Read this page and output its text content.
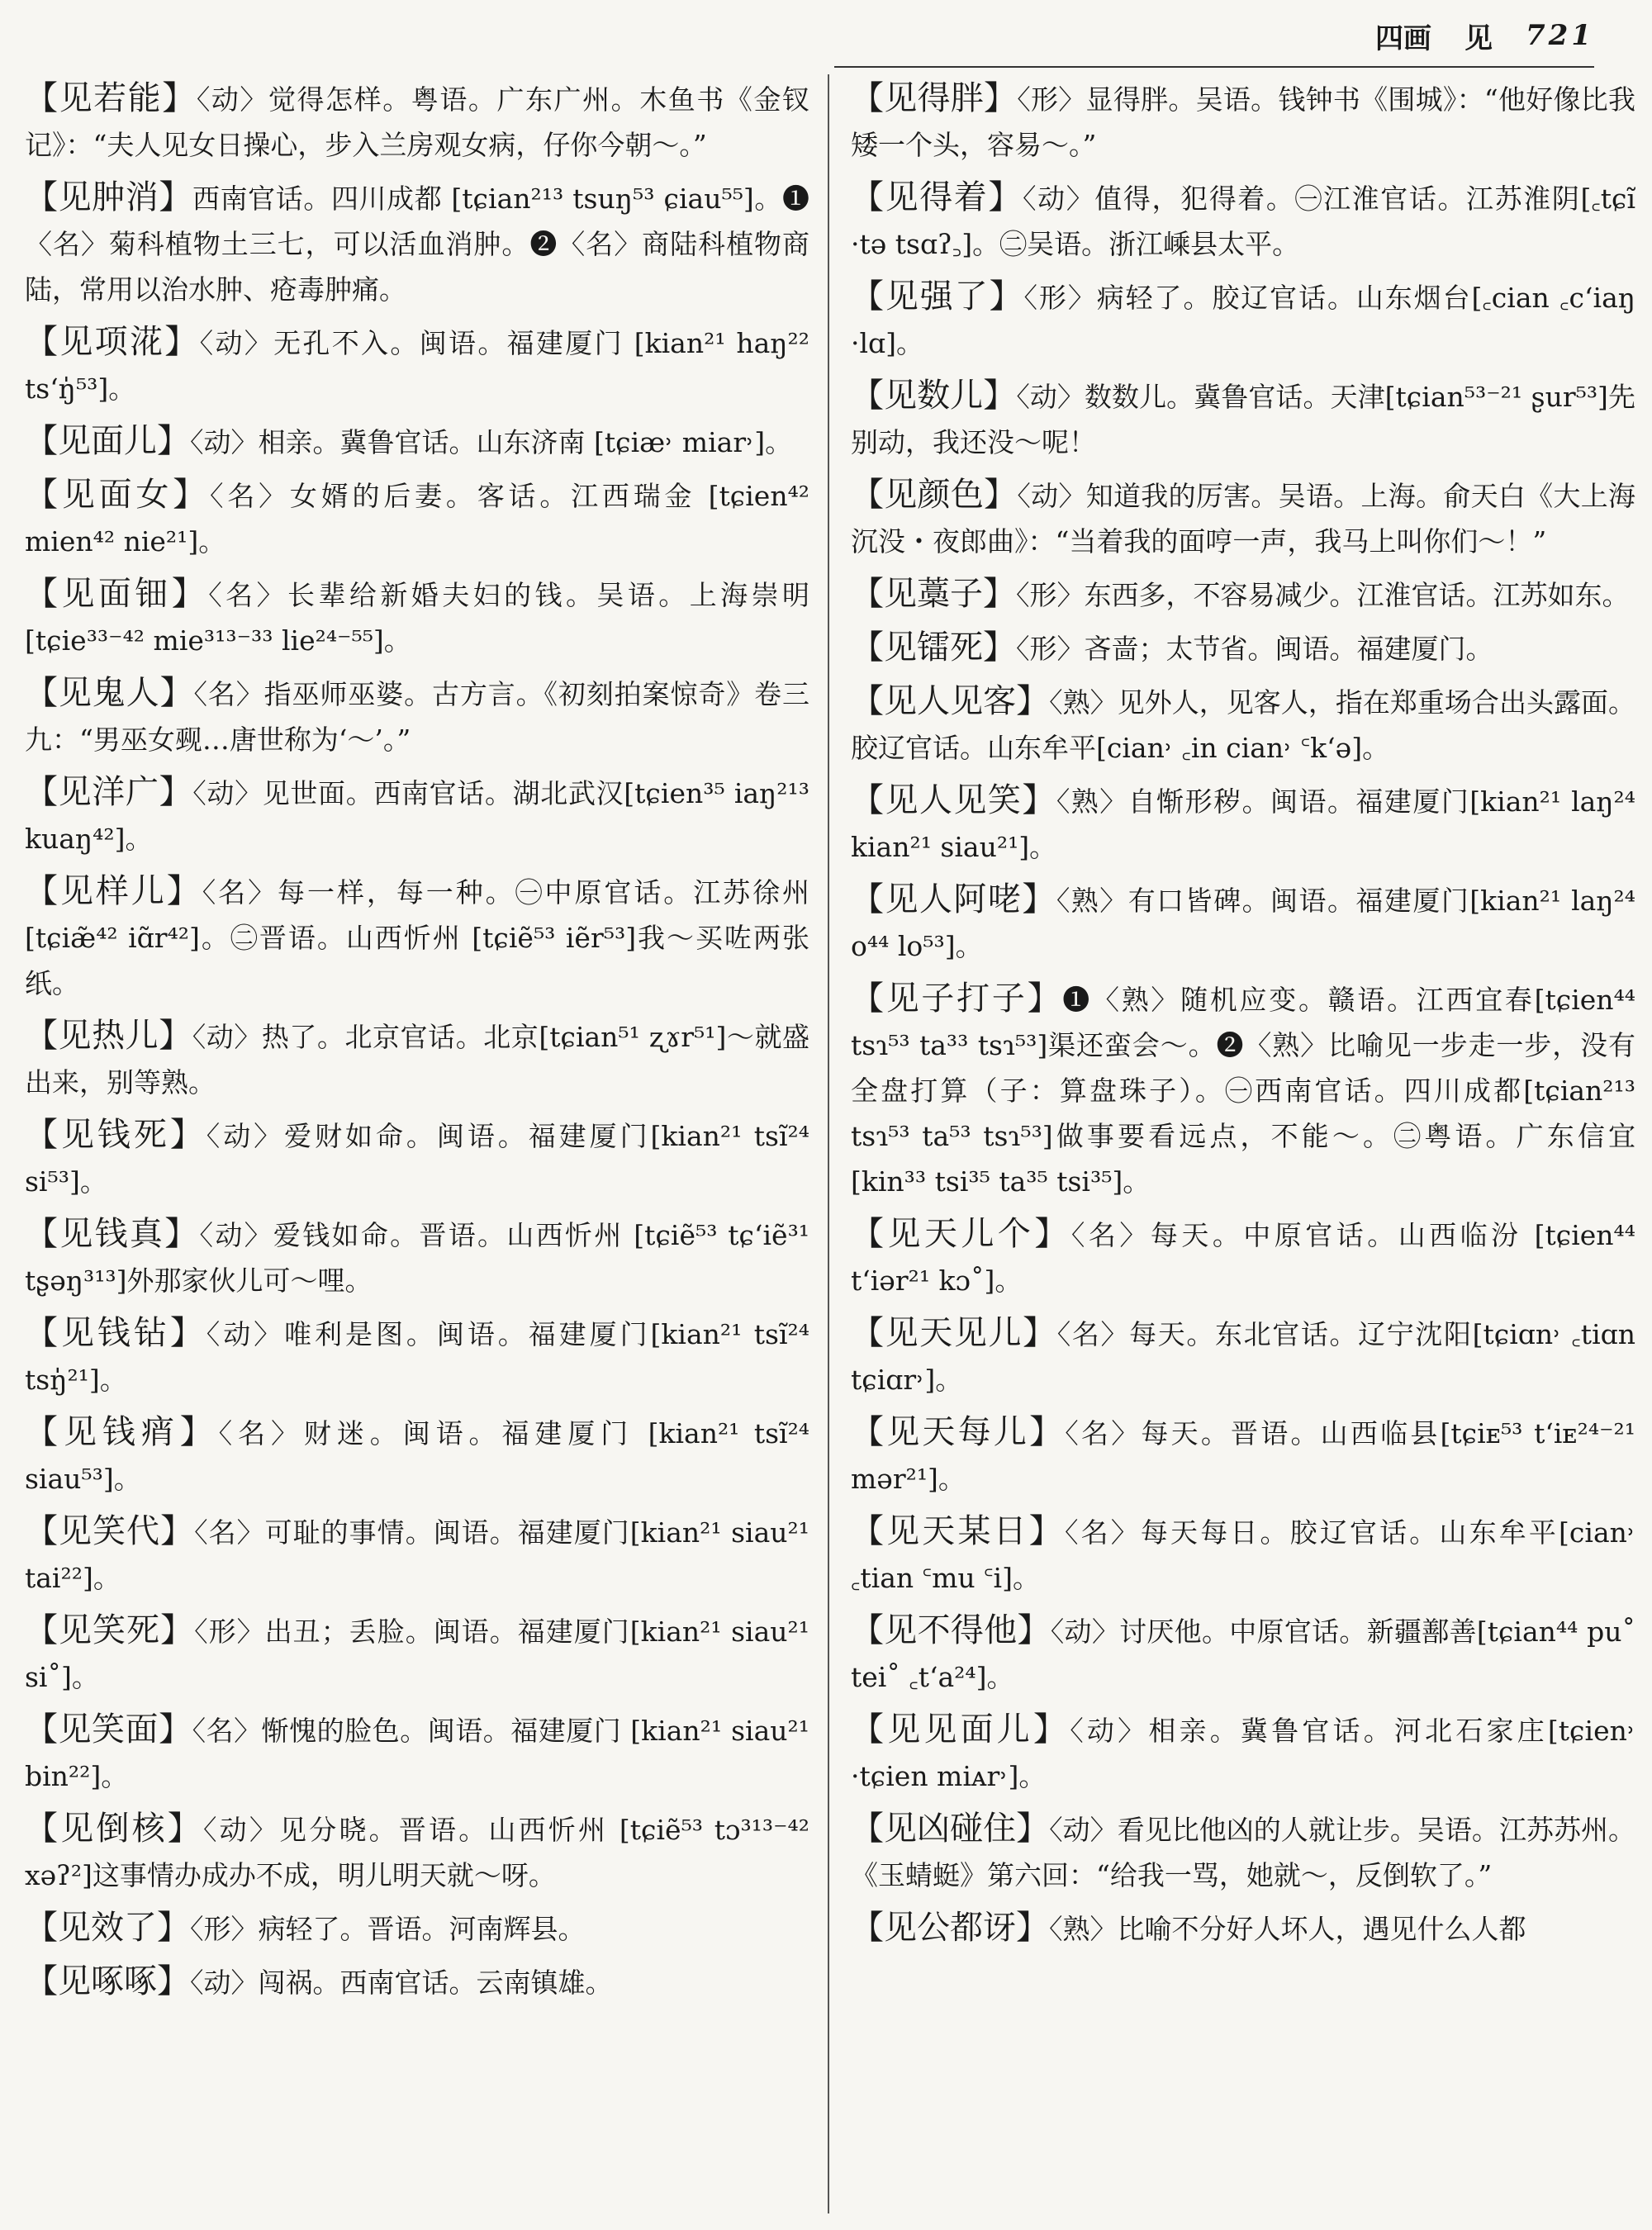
四画 见 721

【见若能】〈动〉觉得怎样。粤语。广东广州。木鱼书《金钗记》：“夫人见女日操心，步入兰房观女病，仔你今朝～。”

【见肿消】西南官话。四川成都 [tɕian²¹³ tsuŋ⁵³ ɕiau⁵⁵]。❶〈名〉菊科植物土三七，可以活血消肿。❷〈名〉商陆科植物商陆，常用以治水肿、疮毒肿痛。

【见项㳸】〈动〉无孔不入。闽语。福建厦门 [kian²¹ haŋ²² tsʻŋ̍⁵³]。

【见面儿】〈动〉相亲。冀鲁官话。山东济南 [tɕiæ˒ miar˒]。

【见面女】〈名〉女婿的后妻。客话。江西瑞金 [tɕien⁴² mien⁴² nie²¹]。

【见面钿】〈名〉长辈给新婚夫妇的钱。吴语。上海崇明[tɕie³³⁻⁴² mie³¹³⁻³³ lie²⁴⁻⁵⁵]。

【见鬼人】〈名〉指巫师巫婆。古方言。《初刻拍案惊奇》卷三九：“男巫女觋…唐世称为‘～’。”

【见洋广】〈动〉见世面。西南官话。湖北武汉[tɕien³⁵ iaŋ²¹³ kuaŋ⁴²]。

【见样儿】〈名〉每一样，每一种。㊀中原官话。江苏徐州[tɕiæ̃⁴² iɑ̃r⁴²]。㊁晋语。山西忻州 [tɕiẽ⁵³ iẽr⁵³]我～买咗两张纸。

【见热儿】〈动〉热了。北京官话。北京[tɕian⁵¹ ʐɤr⁵¹]～就盛出来，别等熟。

【见钱死】〈动〉爱财如命。闽语。福建厦门[kian²¹ tsĩ²⁴ si⁵³]。

【见钱真】〈动〉爱钱如命。晋语。山西忻州 [tɕiẽ⁵³ tɕʻiẽ³¹ tʂəŋ³¹³]外那家伙儿可～哩。

【见钱钻】〈动〉唯利是图。闽语。福建厦门[kian²¹ tsĩ²⁴ tsŋ̍²¹]。

【见钱痟】〈名〉财迷。闽语。福建厦门 [kian²¹ tsĩ²⁴ siau⁵³]。

【见笑代】〈名〉可耻的事情。闽语。福建厦门[kian²¹ siau²¹ tai²²]。

【见笑死】〈形〉出丑；丢脸。闽语。福建厦门[kian²¹ siau²¹ si˚]。

【见笑面】〈名〉惭愧的脸色。闽语。福建厦门 [kian²¹ siau²¹ bin²²]。

【见倒核】〈动〉见分晓。晋语。山西忻州 [tɕiẽ⁵³ tɔ³¹³⁻⁴² xəʔ²]这事情办成办不成，明儿明天就～呀。

【见效了】〈形〉病轻了。晋语。河南辉县。

【见啄啄】〈动〉闯祸。西南官话。云南镇雄。

【见得胖】〈形〉显得胖。吴语。钱钟书《围城》：“他好像比我矮一个头，容易～。”

【见得着】〈动〉值得，犯得着。㊀江淮官话。江苏淮阴[꜀tɕĩ ·tə tsɑʔ꜆]。㊁吴语。浙江嵊县太平。

【见强了】〈形〉病轻了。胶辽官话。山东烟台[꜀cian ꜀cʻiaŋ ·lɑ]。

【见数儿】〈动〉数数儿。冀鲁官话。天津[tɕian⁵³⁻²¹ ʂur⁵³]先别动，我还没～呢！

【见颜色】〈动〉知道我的厉害。吴语。上海。俞天白《大上海沉没・夜郎曲》：“当着我的面哼一声，我马上叫你们～！”

【见藁子】〈形〉东西多，不容易减少。江淮官话。江苏如东。

【见镭死】〈形〉吝啬；太节省。闽语。福建厦门。

【见人见客】〈熟〉见外人，见客人，指在郑重场合出头露面。胶辽官话。山东牟平[cian˒ ꜀in cian˒ ꜂kʻə]。

【见人见笑】〈熟〉自惭形秽。闽语。福建厦门[kian²¹ laŋ²⁴ kian²¹ siau²¹]。

【见人阿咾】〈熟〉有口皆碑。闽语。福建厦门[kian²¹ laŋ²⁴ o⁴⁴ lo⁵³]。

【见子打子】❶〈熟〉随机应变。赣语。江西宜春[tɕien⁴⁴ tsɿ⁵³ ta³³ tsɿ⁵³]渠还蛮会～。❷〈熟〉比喻见一步走一步，没有全盘打算（子：算盘珠子）。㊀西南官话。四川成都[tɕian²¹³ tsɿ⁵³ ta⁵³ tsɿ⁵³]做事要看远点，不能～。㊁粤语。广东信宜[kin³³ tsi³⁵ ta³⁵ tsi³⁵]。

【见天儿个】〈名〉每天。中原官话。山西临汾 [tɕien⁴⁴ tʻiər²¹ kɔ˚]。

【见天见儿】〈名〉每天。东北官话。辽宁沈阳[tɕiɑn˒ ꜀tiɑn tɕiɑr˒]。

【见天每儿】〈名〉每天。晋语。山西临县[tɕiᴇ⁵³ tʻiᴇ²⁴⁻²¹ mər²¹]。

【见天某日】〈名〉每天每日。胶辽官话。山东牟平[cian˒ ꜀tian ꜂mu ꜂i]。

【见不得他】〈动〉讨厌他。中原官话。新疆鄯善[tɕian⁴⁴ pu˚ tei˚ ꜀tʻa²⁴]。

【见见面儿】〈动〉相亲。冀鲁官话。河北石家庄[tɕien˒ ·tɕien miᴀr˒]。

【见凶碰住】〈动〉看见比他凶的人就让步。吴语。江苏苏州。《玉蜻蜓》第六回：“给我一骂，她就～，反倒软了。”

【见公都讶】〈熟〉比喻不分好人坏人，遇见什么人都
